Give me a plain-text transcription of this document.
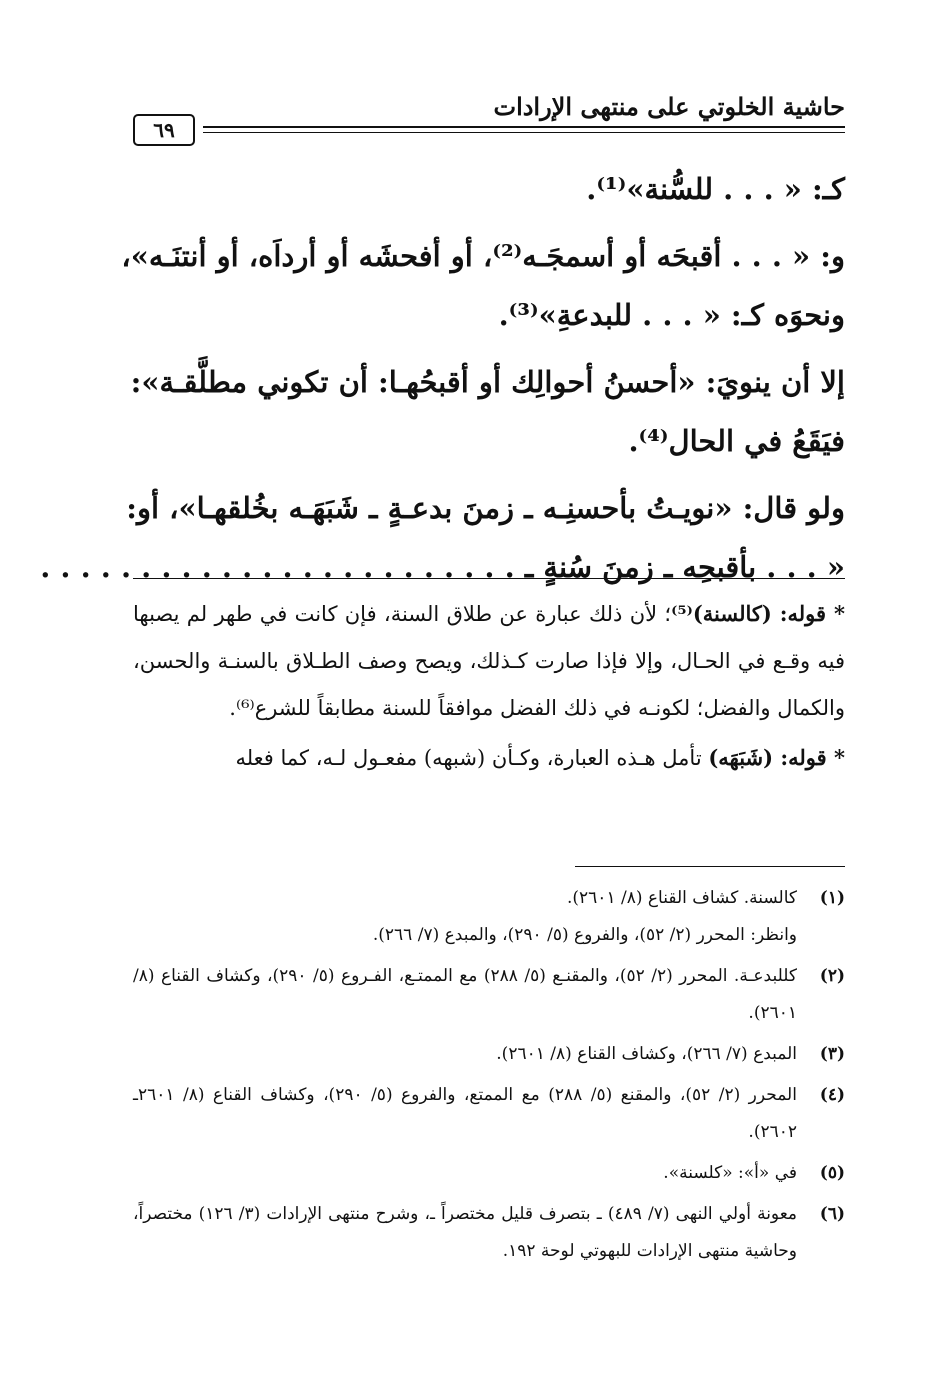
حاشية الخلوتي على منتهى الإرادات
٦٩

كـ: « . . . للسُّنة»⁽¹⁾.

و: « . . . أقبحَه أو أسمجَـه⁽²⁾، أو أفحشَه أو أرداَه، أو أنتنَـه»،

ونحوَه كـ: « . . . للبدعةِ»⁽³⁾.

إلا أن ينويَ: «أحسنُ أحوالِك أو أقبحُهـا: أن تكوني مطلَّقـة»:

فيَقَعُ في الحال⁽⁴⁾.

ولو قال: «نويـتُ بأحسنِـه ـ زمنَ بدعـةٍ ـ شَبَهَـه بخُلقهـا»، أو:

« . . . بأقبحِه ـ زمنَ سُنةٍ ـ . . . . . . . . . . . . . . . . . . . . . . . .

* قوله: (كالسنة)⁽⁵⁾؛ لأن ذلك عبارة عن طلاق السنة، فإن كانت في طهر لم يصبها فيه وقـع في الحـال، وإلا فإذا صارت كـذلك، ويصح وصف الطـلاق بالسنـة والحسن، والكمال والفضل؛ لكونـه في ذلك الفضل موافقاً للسنة مطابقاً للشرع⁽⁶⁾.

* قوله: (شَبَهَه) تأمل هـذه العبارة، وكـأن (شبهه) مفعـول لـه، كما فعله

(١)
كالسنة. كشاف القناع (٨/ ٢٦٠١).
وانظر: المحرر (٢/ ٥٢)، والفروع (٥/ ٢٩٠)، والمبدع (٧/ ٢٦٦).
(٢)
كللبدعـة. المحرر (٢/ ٥٢)، والمقنـع (٥/ ٢٨٨) مع الممتـع، الفـروع (٥/ ٢٩٠)، وكشاف القناع (٨/ ٢٦٠١).
(٣)
المبدع (٧/ ٢٦٦)، وكشاف القناع (٨/ ٢٦٠١).
(٤)
المحرر (٢/ ٥٢)، والمقنع (٥/ ٢٨٨) مع الممتع، والفروع (٥/ ٢٩٠)، وكشاف القناع (٨/ ٢٦٠١ـ ٢٦٠٢).
(٥)
في «أ»: «كلسنة».
(٦)
معونة أولي النهى (٧/ ٤٨٩) ـ بتصرف قليل مختصراً ـ، وشرح منتهى الإرادات (٣/ ١٢٦) مختصراً، وحاشية منتهى الإرادات للبهوتي لوحة ١٩٢.
